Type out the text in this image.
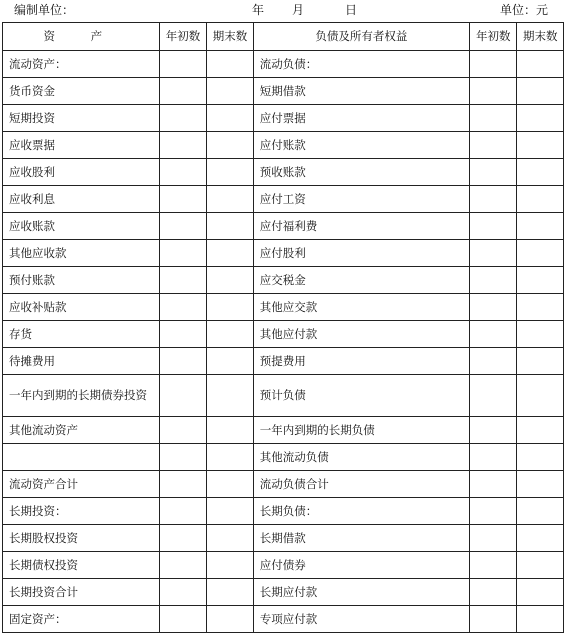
编制单位：	年 月	日	单位：元
资 产	年初数	期末数	负债及所有者权益	年初数	期末数
流动资产：			流动负债：		
货币资金			短期借款		
短期投资			应付票据		
应收票据			应付账款		
应收股利			预收账款		
应收利息			应付工资		
应收账款			应付福利费		
其他应收款			应付股利		
预付账款			应交税金		
应收补贴款			其他应交款		
存货			其他应付款		
待摊费用			预提费用		
一年内到期的长期债券投资			预计负债		
其他流动资产			一年内到期的长期负债		
			其他流动负债		
流动资产合计			流动负债合计		
长期投资：			长期负债：		
长期股权投资			长期借款		
长期债权投资			应付债券		
长期投资合计			长期应付款		
固定资产：			专项应付款		
